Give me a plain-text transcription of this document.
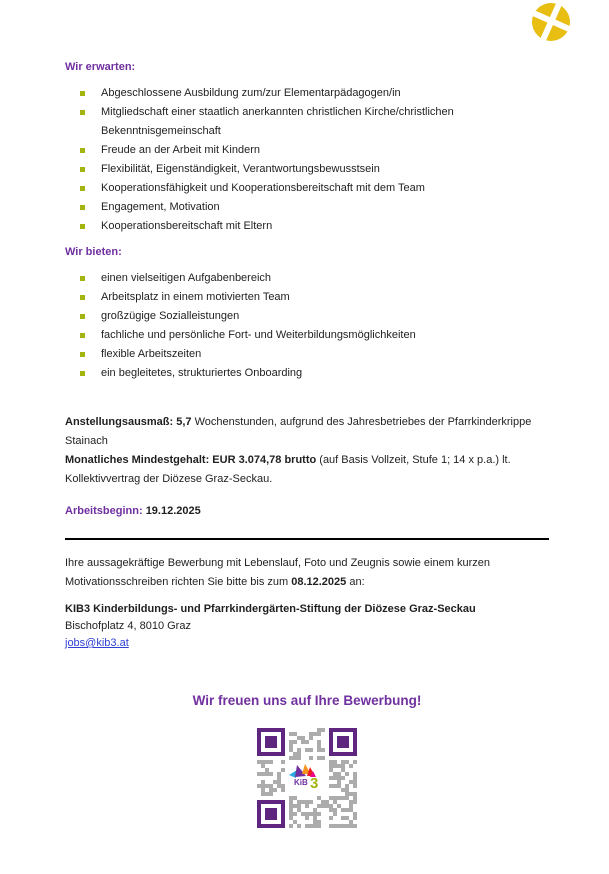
Wir erwarten:
Abgeschlossene Ausbildung zum/zur Elementarpädagogen/in
Mitgliedschaft einer staatlich anerkannten christlichen Kirche/christlichen Bekenntnisgemeinschaft
Freude an der Arbeit mit Kindern
Flexibilität, Eigenständigkeit, Verantwortungsbewusstsein
Kooperationsfähigkeit und Kooperationsbereitschaft mit dem Team
Engagement, Motivation
Kooperationsbereitschaft mit Eltern
Wir bieten:
einen vielseitigen Aufgabenbereich
Arbeitsplatz in einem motivierten Team
großzügige Sozialleistungen
fachliche und persönliche Fort- und Weiterbildungsmöglichkeiten
flexible Arbeitszeiten
ein begleitetes, strukturiertes Onboarding

Anstellungsausmaß: 5,7 Wochenstunden, aufgrund des Jahresbetriebes der Pfarrkinderkrippe Stainach
Monatliches Mindestgehalt: EUR 3.074,78 brutto (auf Basis Vollzeit, Stufe 1; 14 x p.a.) lt. Kollektivvertrag der Diözese Graz-Seckau.

Arbeitsbeginn: 19.12.2025

Ihre aussagekräftige Bewerbung mit Lebenslauf, Foto und Zeugnis sowie einem kurzen Motivationsschreiben richten Sie bitte bis zum 08.12.2025 an:

KIB3 Kinderbildungs- und Pfarrkindergärten-Stiftung der Diözese Graz-Seckau
Bischofplatz 4, 8010 Graz
jobs@kib3.at
Wir freuen uns auf Ihre Bewerbung!
KiB 3
